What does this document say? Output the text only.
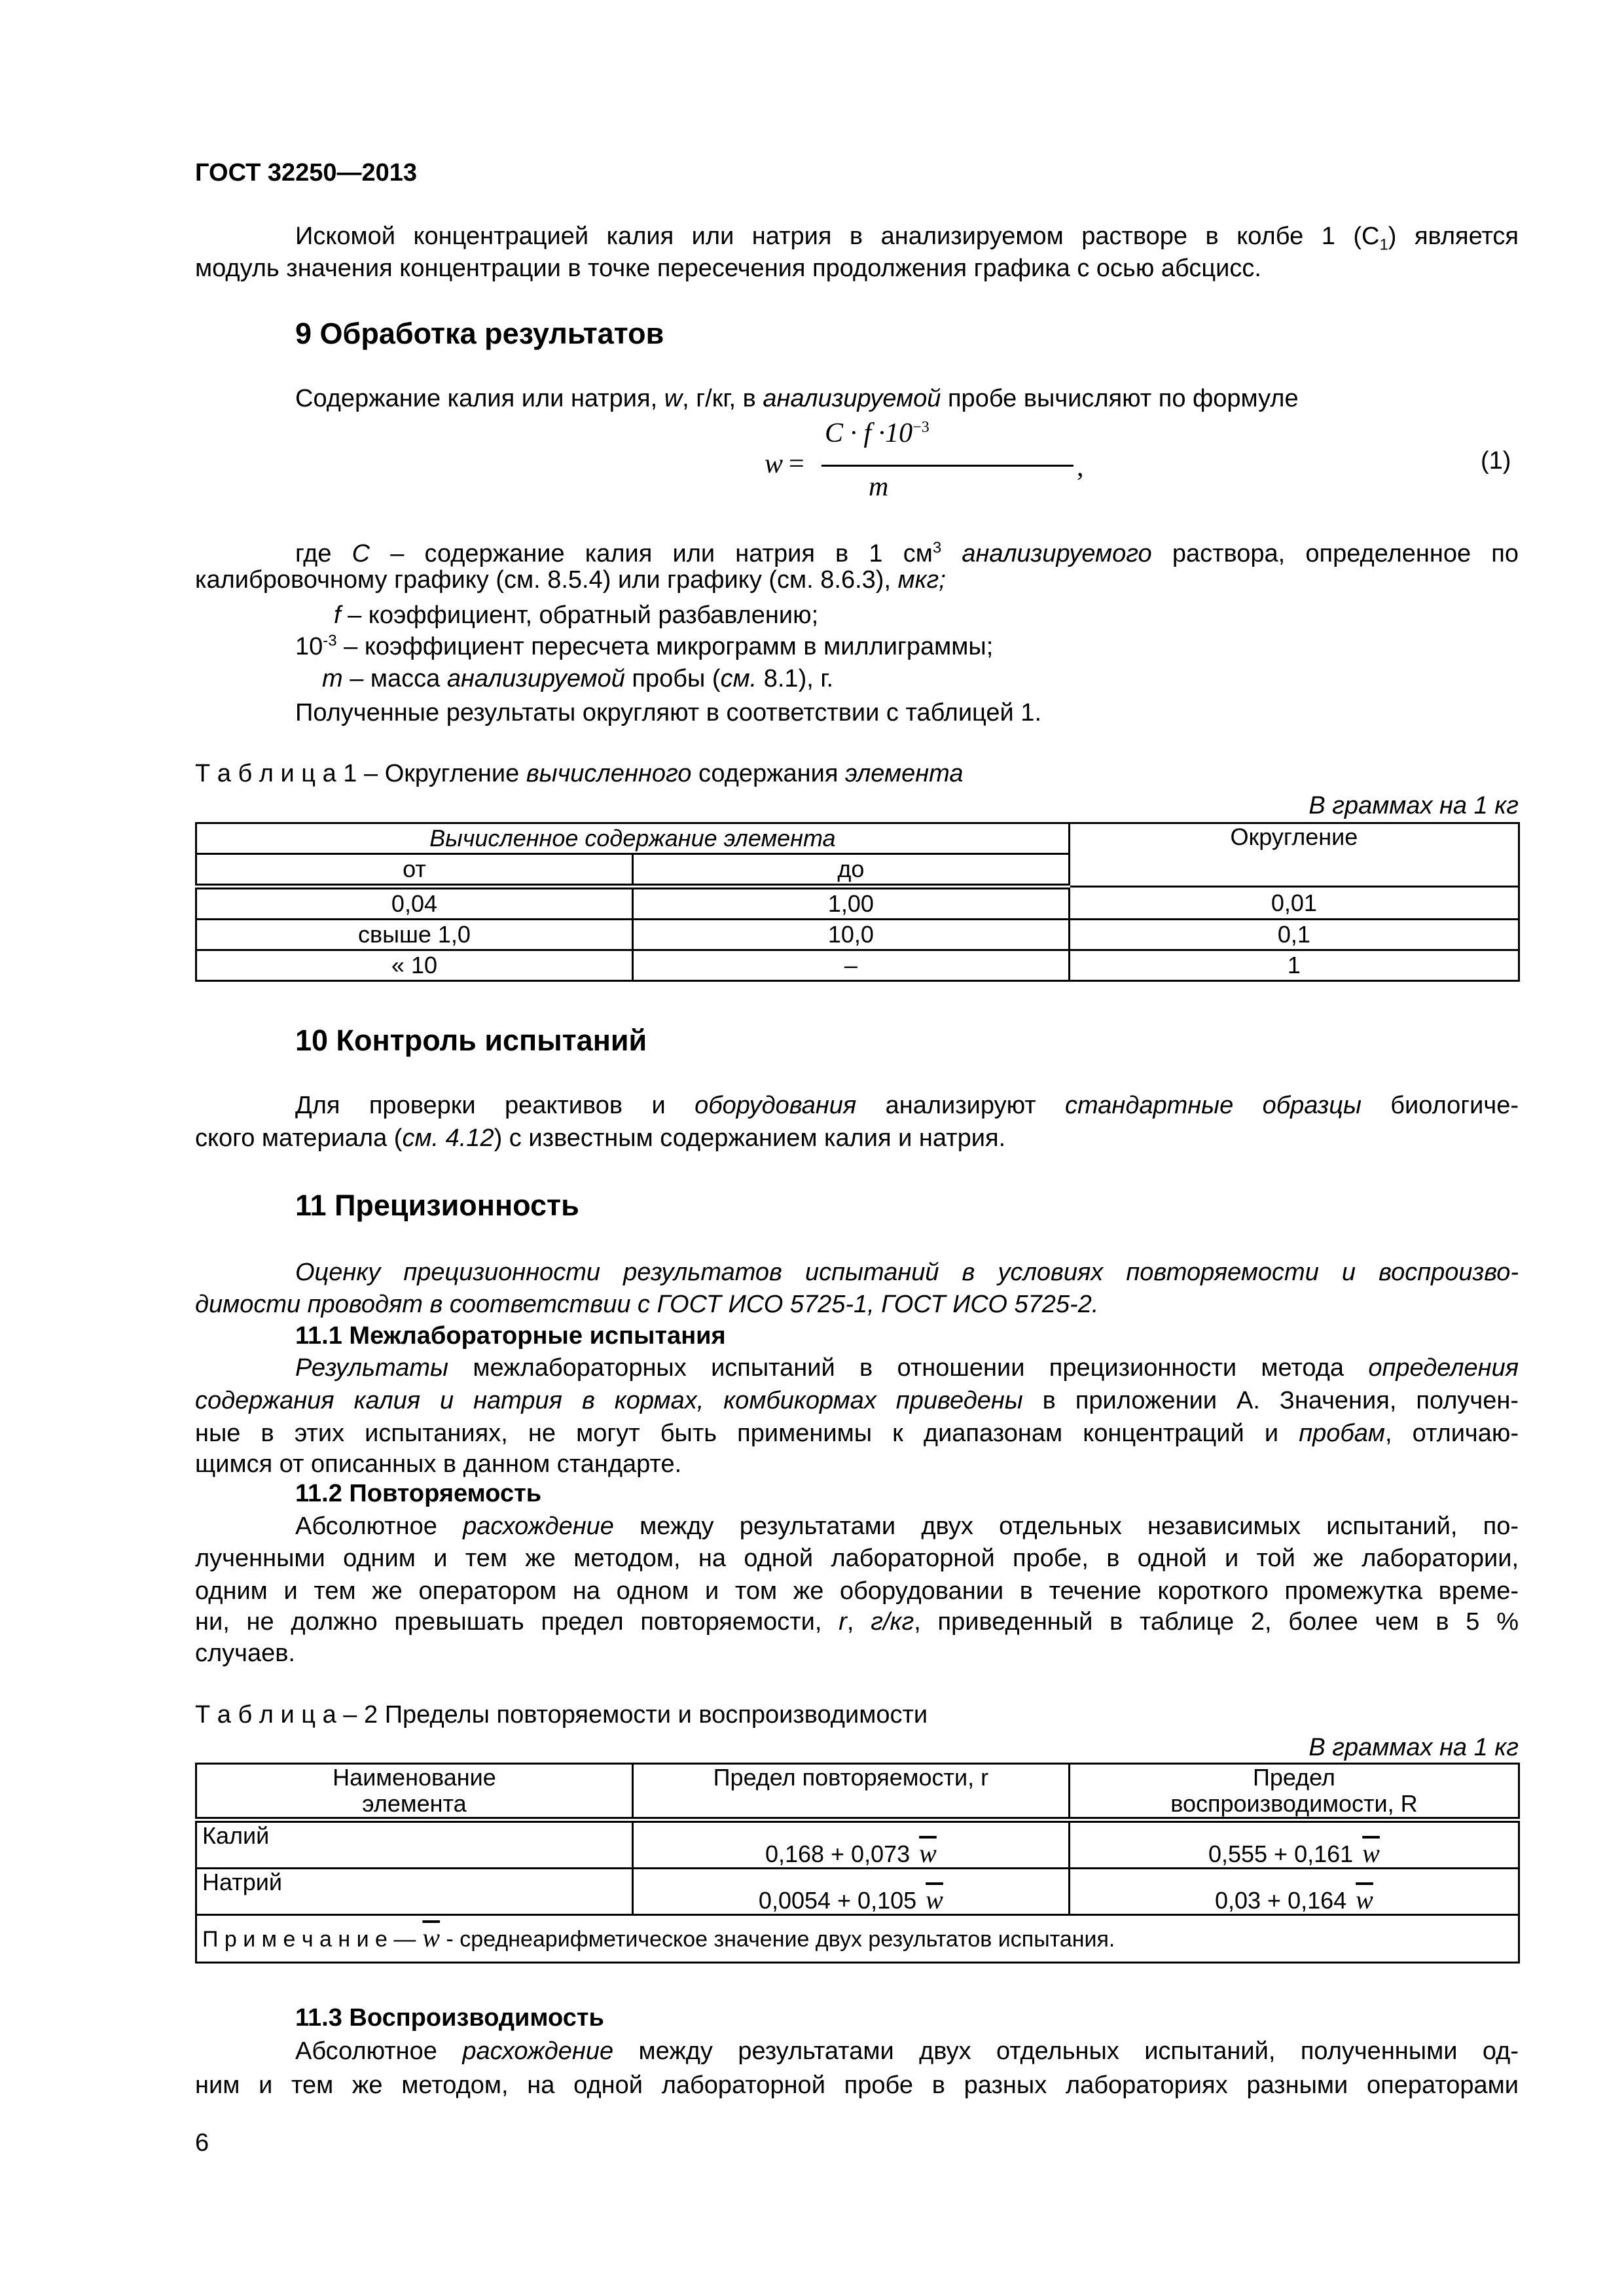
ГОСТ 32250—2013
Искомой концентрацией калия или натрия в анализируемом растворе в колбе 1 $(C_1)$ является
модуль значения концентрации в точке пересечения продолжения графика с осью абсцисс.
9 Обработка результатов
Содержание калия или натрия, w, г/кг, в анализируемой пробе вычисляют по формуле
где С – содержание калия или натрия в 1 $см^3$ анализируемого раствора, определенное по
калибровочному графику (см. 8.5.4) или графику (см. 8.6.3), мкг;
f – коэффициент, обратный разбавлению;
$10^{-3}$ – коэффициент пересчета микрограмм в миллиграммы;
m – масса анализируемой пробы (см. 8.1), г.
Полученные результаты округляют в соответствии с таблицей 1.
Т а б л и ц а 1 – Округление вычисленного содержания элемента
В граммах на 1 кг
10 Контроль испытаний
Для проверки реактивов и оборудования анализируют стандартные образцы биологиче-
ского материала (см. 4.12) с известным содержанием калия и натрия.
11 Прецизионность
Оценку прецизионности результатов испытаний в условиях повторяемости и воспроизво-
димости проводят в соответствии с ГОСТ ИСО 5725-1, ГОСТ ИСО 5725-2.
11.1 Межлабораторные испытания
Результаты межлабораторных испытаний в отношении прецизионности метода определения
содержания калия и натрия в кормах, комбикормах приведены в приложении А. Значения, получен-
ные в этих испытаниях, не могут быть применимы к диапазонам концентраций и пробам, отличаю-
щимся от описанных в данном стандарте.
11.2 Повторяемость
Абсолютное расхождение между результатами двух отдельных независимых испытаний, по-
лученными одним и тем же методом, на одной лабораторной пробе, в одной и той же лаборатории,
одним и тем же оператором на одном и том же оборудовании в течение короткого промежутка време-
ни, не должно превышать предел повторяемости, r, г/кг, приведенный в таблице 2, более чем в 5 %
случаев.
Т а б л и ц а – 2 Пределы повторяемости и воспроизводимости
В граммах на 1 кг
11.3 Воспроизводимость
Абсолютное расхождение между результатами двух отдельных испытаний, полученными од-
ним и тем же методом, на одной лабораторной пробе в разных лабораториях разными операторами
6
w =
$C \cdot f \cdot 10^{-3}$
m
,	(1)
Вычисленное содержание элемента		Округление
от	до	
0,04	1,00	0,01
свыше 1,0	10,0	0,1
« 10	–	1
Наименование элемента	Предел повторяемости, r	Предел воспроизводимости, R
Калий	0,168 + 0,073 $\overline{w}$	0,555 + 0,161 $\overline{w}$
Натрий	0,0054 + 0,105 $\overline{w}$	0,03 + 0,164 $\overline{w}$
П р и м е ч а н и е — $\overline{w}$ - среднеарифметическое значение двух результатов испытания.		
